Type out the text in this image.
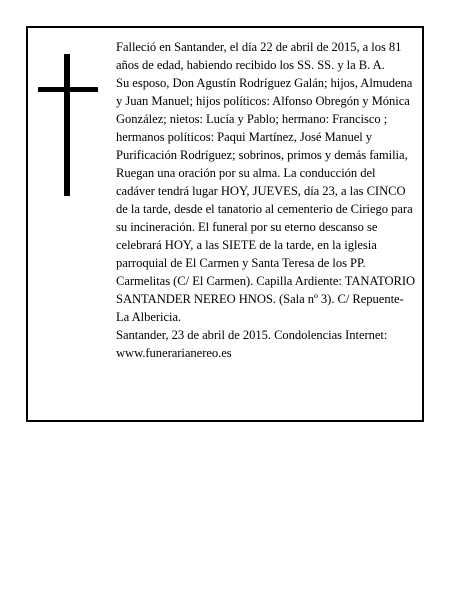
Falleció en Santander, el día 22 de abril de 2015, a los 81 años de edad, habiendo recibido los SS. SS. y la B. A.

Su esposo, Don Agustín Rodríguez Galán; hijos, Almudena y Juan Manuel; hijos políticos: Alfonso Obregón y Mónica González; nietos: Lucía y Pablo; hermano: Francisco ; hermanos políticos: Paqui Martínez, José Manuel y Purificación Rodríguez; sobrinos, primos y demás familia,

Ruegan una oración por su alma. La conducción del cadáver tendrá lugar HOY, JUEVES, día 23, a las CINCO de la tarde, desde el tanatorio al cementerio de Ciriego para su incineración. El funeral por su eterno descanso se celebrará HOY, a las SIETE de la tarde, en la iglesia parroquial de El Carmen y Santa Teresa de los PP. Carmelitas (C/ El Carmen). Capilla Ardiente: TANATORIO SANTANDER NEREO HNOS. (Sala nº 3). C/ Repuente-La Albericia.

Santander, 23 de abril de 2015. Condolencias Internet: www.funerarianereo.es
